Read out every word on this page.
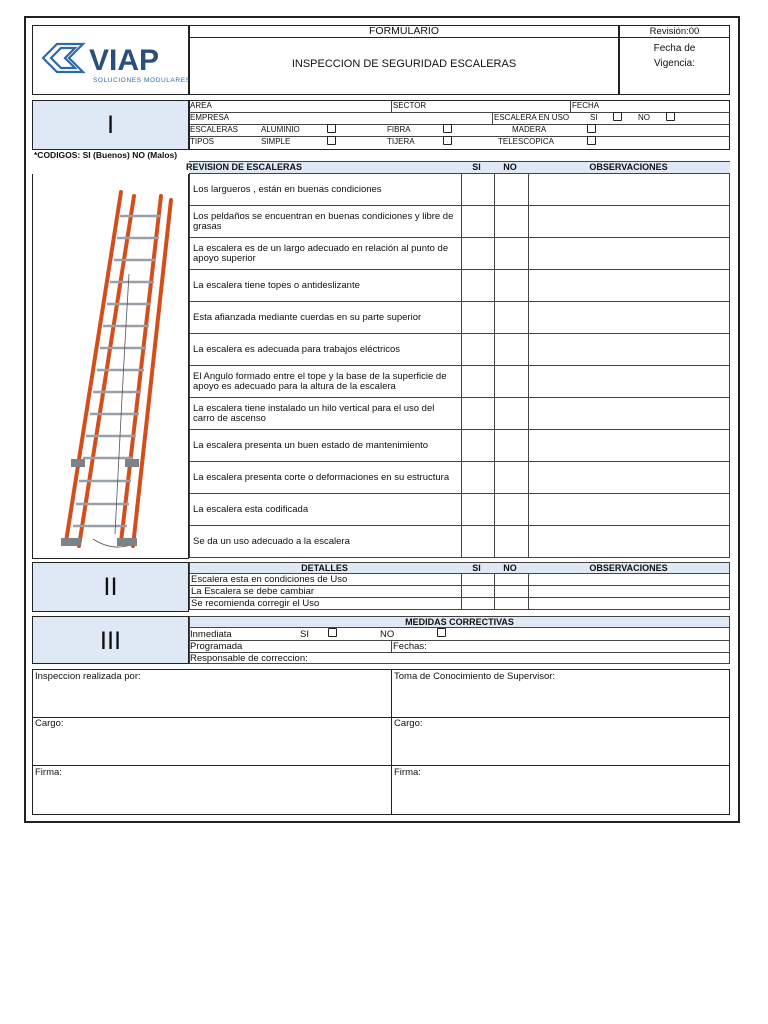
VIAP
SOLUCIONES MODULARES
FORMULARIO
INSPECCION DE SEGURIDAD ESCALERAS
Revisión:00
Fecha de
Vigencia:
I
AREA	SECTOR	FECHA
EMPRESA	ESCALERA EN USO	SI	NO
ESCALERAS	ALUMINIO	FIBRA	MADERA
TIPOS	SIMPLE	TIJERA	TELESCOPICA
*CODIGOS: SI (Buenos) NO (Malos)
REVISION DE ESCALERAS	SI	NO	OBSERVACIONES
Los largueros , están en buenas condiciones
Los peldaños se encuentran en buenas condiciones y libre de grasas
La escalera es de un largo adecuado en relación al punto de apoyo superior
La escalera tiene topes o antideslizante
Esta afianzada mediante cuerdas en su parte superior
La escalera es adecuada para trabajos eléctricos
El Angulo formado entre el tope y la base de la superficie de apoyo es adecuado para la altura de la escalera
La escalera tiene instalado un hilo vertical para el uso del carro de ascenso
La escalera presenta un buen estado de mantenimiento
La escalera presenta corte o deformaciones en su estructura
La escalera esta codificada
Se da un uso adecuado a la escalera
II
DETALLES	SI	NO	OBSERVACIONES
Escalera esta en condiciones de Uso
La Escalera se debe cambiar
Se recomienda corregir el Uso
III
MEDIDAS CORRECTIVAS
Inmediata	SI	NO
Programada	Fechas:
Responsable de correccion:
Inspeccion realizada por:	Toma de Conocimiento de Supervisor:
Cargo:	Cargo:
Firma:	Firma:
